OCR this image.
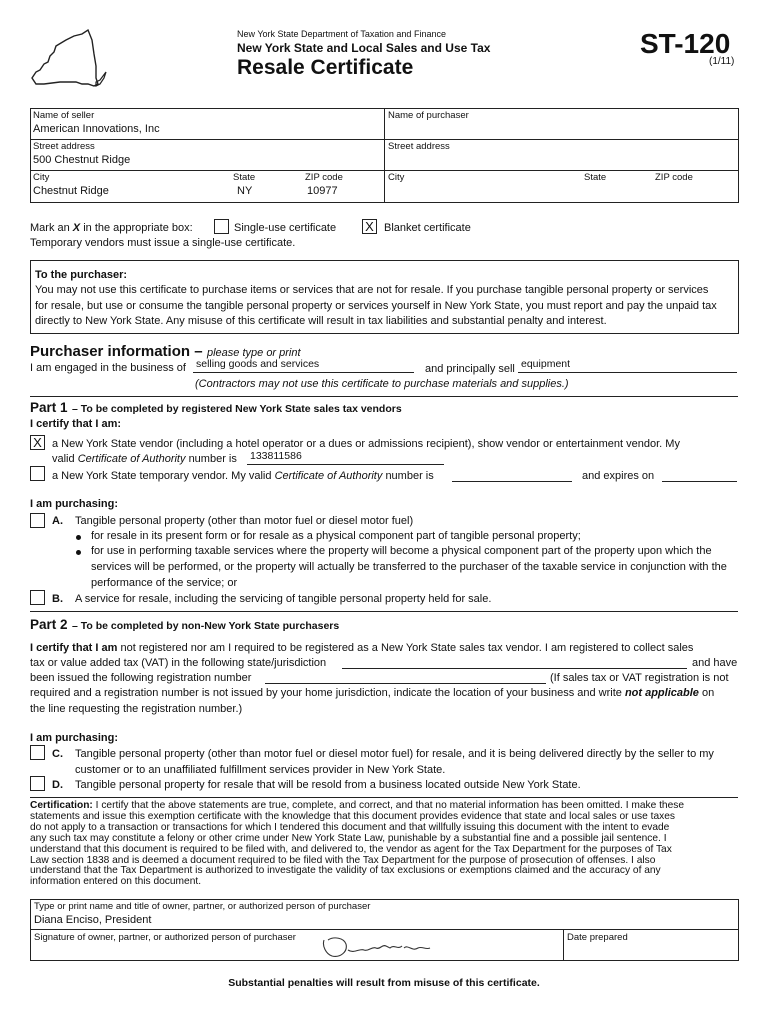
New York State Department of Taxation and Finance
New York State and Local Sales and Use Tax
Resale Certificate
ST-120
(1/11)
Name of seller
American Innovations, Inc
Street address
500 Chestnut Ridge
City
Chestnut Ridge
State
NY
ZIP code
10977
Name of purchaser
Street address
City	State	ZIP code
Mark an X in the appropriate box:	Single-use certificate X Blanket certificate
Temporary vendors must issue a single-use certificate.
To the purchaser:
You may not use this certificate to purchase items or services that are not for resale. If you purchase tangible personal property or services
for resale, but use or consume the tangible personal property or services yourself in New York State, you must report and pay the unpaid tax
directly to New York State. Any misuse of this certificate will result in tax liabilities and substantial penalty and interest.
Purchaser information – please type or print
I am engaged in the business of selling goods and services	and principally sell equipment
(Contractors may not use this certificate to purchase materials and supplies.)
Part 1 – To be completed by registered New York State sales tax vendors
I certify that I am:
X a New York State vendor (including a hotel operator or a dues or admissions recipient), show vendor or entertainment vendor. My
valid Certificate of Authority number is 133811586
a New York State temporary vendor. My valid Certificate of Authority number is	and expires on
I am purchasing:
A. Tangible personal property (other than motor fuel or diesel motor fuel)
for resale in its present form or for resale as a physical component part of tangible personal property;
for use in performing taxable services where the property will become a physical component part of the property upon which the
services will be performed, or the property will actually be transferred to the purchaser of the taxable service in conjunction with the
performance of the service; or
B. A service for resale, including the servicing of tangible personal property held for sale.
Part 2 – To be completed by non-New York State purchasers
I certify that I am not registered nor am I required to be registered as a New York State sales tax vendor. I am registered to collect sales
tax or value added tax (VAT) in the following state/jurisdiction	and have
been issued the following registration number	(If sales tax or VAT registration is not
required and a registration number is not issued by your home jurisdiction, indicate the location of your business and write not applicable on
the line requesting the registration number.)
I am purchasing:
C. Tangible personal property (other than motor fuel or diesel motor fuel) for resale, and it is being delivered directly by the seller to my
customer or to an unaffiliated fulfillment services provider in New York State.
D. Tangible personal property for resale that will be resold from a business located outside New York State.
Certification: I certify that the above statements are true, complete, and correct, and that no material information has been omitted. I make these
statements and issue this exemption certificate with the knowledge that this document provides evidence that state and local sales or use taxes
do not apply to a transaction or transactions for which I tendered this document and that willfully issuing this document with the intent to evade
any such tax may constitute a felony or other crime under New York State Law, punishable by a substantial fine and a possible jail sentence. I
understand that this document is required to be filed with, and delivered to, the vendor as agent for the Tax Department for the purposes of Tax
Law section 1838 and is deemed a document required to be filed with the Tax Department for the purpose of prosecution of offenses. I also
understand that the Tax Department is authorized to investigate the validity of tax exclusions or exemptions claimed and the accuracy of any
information entered on this document.
Type or print name and title of owner, partner, or authorized person of purchaser
Diana Enciso, President
Signature of owner, partner, or authorized person of purchaser	Date prepared
Substantial penalties will result from misuse of this certificate.
